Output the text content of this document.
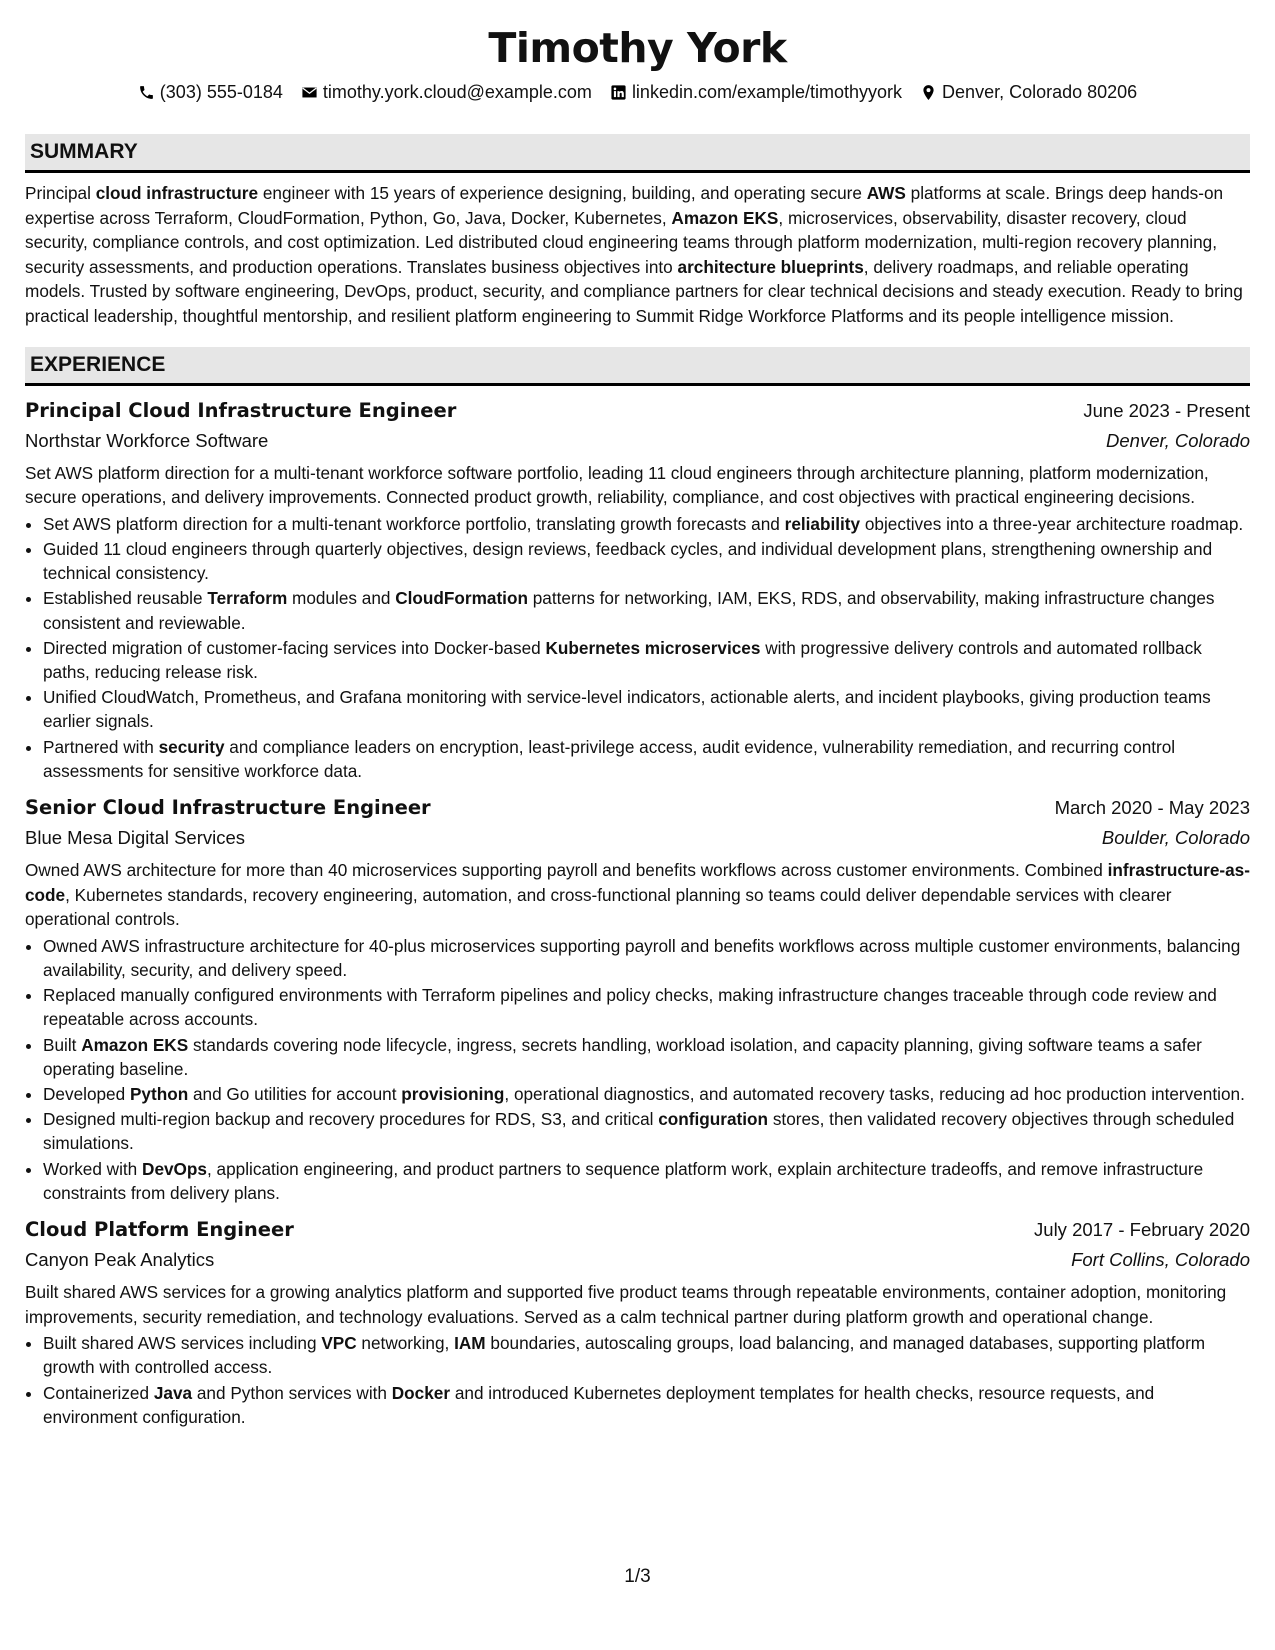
Timothy York
(303) 555-0184 timothy.york.cloud@example.com linkedin.com/example/timothyyork Denver, Colorado 80206
SUMMARY

Principal cloud infrastructure engineer with 15 years of experience designing, building, and operating secure AWS platforms at scale. Brings deep hands-on expertise across Terraform, CloudFormation, Python, Go, Java, Docker, Kubernetes, Amazon EKS, microservices, observability, disaster recovery, cloud security, compliance controls, and cost optimization. Led distributed cloud engineering teams through platform modernization, multi-region recovery planning, security assessments, and production operations. Translates business objectives into architecture blueprints, delivery roadmaps, and reliable operating models. Trusted by software engineering, DevOps, product, security, and compliance partners for clear technical decisions and steady execution. Ready to bring practical leadership, thoughtful mentorship, and resilient platform engineering to Summit Ridge Workforce Platforms and its people intelligence mission.

EXPERIENCE
Principal Cloud Infrastructure Engineer	June 2023 - Present
Northstar Workforce Software	Denver, Colorado

Set AWS platform direction for a multi-tenant workforce software portfolio, leading 11 cloud engineers through architecture planning, platform modernization, secure operations, and delivery improvements. Connected product growth, reliability, compliance, and cost objectives with practical engineering decisions.

• Set AWS platform direction for a multi-tenant workforce portfolio, translating growth forecasts and reliability objectives into a three-year architecture roadmap.
• Guided 11 cloud engineers through quarterly objectives, design reviews, feedback cycles, and individual development plans, strengthening ownership and technical consistency.
• Established reusable Terraform modules and CloudFormation patterns for networking, IAM, EKS, RDS, and observability, making infrastructure changes consistent and reviewable.
• Directed migration of customer-facing services into Docker-based Kubernetes microservices with progressive delivery controls and automated rollback paths, reducing release risk.
• Unified CloudWatch, Prometheus, and Grafana monitoring with service-level indicators, actionable alerts, and incident playbooks, giving production teams earlier signals.
• Partnered with security and compliance leaders on encryption, least-privilege access, audit evidence, vulnerability remediation, and recurring control assessments for sensitive workforce data.
Senior Cloud Infrastructure Engineer	March 2020 - May 2023
Blue Mesa Digital Services	Boulder, Colorado

Owned AWS architecture for more than 40 microservices supporting payroll and benefits workflows across customer environments. Combined infrastructure-as-code, Kubernetes standards, recovery engineering, automation, and cross-functional planning so teams could deliver dependable services with clearer operational controls.

• Owned AWS infrastructure architecture for 40-plus microservices supporting payroll and benefits workflows across multiple customer environments, balancing availability, security, and delivery speed.
• Replaced manually configured environments with Terraform pipelines and policy checks, making infrastructure changes traceable through code review and repeatable across accounts.
• Built Amazon EKS standards covering node lifecycle, ingress, secrets handling, workload isolation, and capacity planning, giving software teams a safer operating baseline.
• Developed Python and Go utilities for account provisioning, operational diagnostics, and automated recovery tasks, reducing ad hoc production intervention.
• Designed multi-region backup and recovery procedures for RDS, S3, and critical configuration stores, then validated recovery objectives through scheduled simulations.
• Worked with DevOps, application engineering, and product partners to sequence platform work, explain architecture tradeoffs, and remove infrastructure constraints from delivery plans.
Cloud Platform Engineer	July 2017 - February 2020
Canyon Peak Analytics	Fort Collins, Colorado

Built shared AWS services for a growing analytics platform and supported five product teams through repeatable environments, container adoption, monitoring improvements, security remediation, and technology evaluations. Served as a calm technical partner during platform growth and operational change.

• Built shared AWS services including VPC networking, IAM boundaries, autoscaling groups, load balancing, and managed databases, supporting platform growth with controlled access.
• Containerized Java and Python services with Docker and introduced Kubernetes deployment templates for health checks, resource requests, and environment configuration.
1/3
